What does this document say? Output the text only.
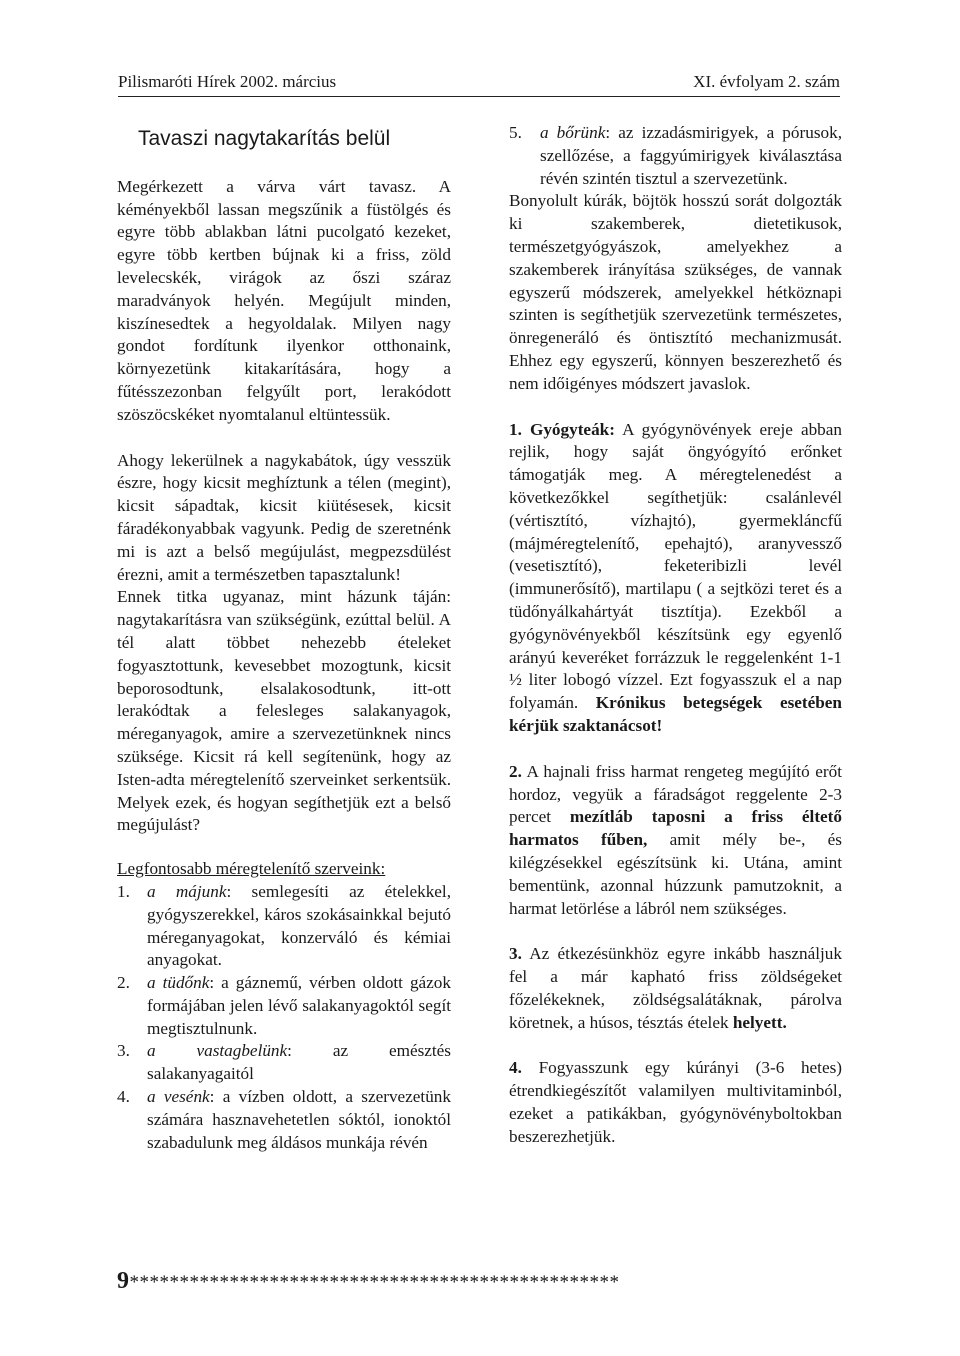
Pilismaróti Hírek 2002. március	XI. évfolyam 2. szám
Tavaszi nagytakarítás belül

Megérkezett a várva várt tavasz. A kéményekből lassan megszűnik a füstölgés és egyre több ablakban látni pucolgató kezeket, egyre több kertben bújnak ki a friss, zöld levelecskék, virágok az őszi száraz maradványok helyén. Megújult minden, kiszínesedtek a hegyoldalak. Milyen nagy gondot fordítunk ilyenkor otthonaink, környezetünk kitakarítására, hogy a fűtésszezonban felgyűlt port, lerakódott szöszöcskéket nyomtalanul eltüntessük.

Ahogy lekerülnek a nagykabátok, úgy vesszük észre, hogy kicsit meghíztunk a télen (megint), kicsit sápadtak, kicsit kiütésesek, kicsit fáradékonyabbak vagyunk. Pedig de szeretnénk mi is azt a belső megújulást, megpezsdülést érezni, amit a természetben tapasztalunk!

Ennek titka ugyanaz, mint házunk táján: nagytakarításra van szükségünk, ezúttal belül. A tél alatt többet nehezebb ételeket fogyasztottunk, kevesebbet mozogtunk, kicsit beporosodtunk, elsalakosodtunk, itt-ott lerakódtak a felesleges salakanyagok, méreganyagok, amire a szervezetünknek nincs szüksége. Kicsit rá kell segítenünk, hogy az Isten-adta méregtelenítő szerveinket serkentsük. Melyek ezek, és hogyan segíthetjük ezt a belső megújulást?

Legfontosabb méregtelenítő szerveink:

1. a májunk: semlegesíti az ételekkel, gyógyszerekkel, káros szokásainkkal bejutó méreganyagokat, konzerváló és kémiai anyagokat.
2. a tüdőnk: a gáznemű, vérben oldott gázok formájában jelen lévő salakanyagoktól segít megtisztulnunk.
3. a vastagbelünk: az emésztés salakanyagaitól
4. a vesénk: a vízben oldott, a szervezetünk számára hasznavehetetlen sóktól, ionoktól szabadulunk meg áldásos munkája révén
5. a bőrünk: az izzadásmirigyek, a pórusok, szellőzése, a faggyúmirigyek kiválasztása révén szintén tisztul a szervezetünk.

Bonyolult kúrák, böjtök hosszú sorát dolgozták ki szakemberek, dietetikusok, természetgyógyászok, amelyekhez a szakemberek irányítása szükséges, de vannak egyszerű módszerek, amelyekkel hétköznapi szinten is segíthetjük szervezetünk természetes, önregeneráló és öntisztító mechanizmusát. Ehhez egy egyszerű, könnyen beszerezhető és nem időigényes módszert javaslok.

1. Gyógyteák: A gyógynövények ereje abban rejlik, hogy saját öngyógyító erőnket támogatják meg. A méregtelenedést a következőkkel segíthetjük: csalánlevél (vértisztító, vízhajtó), gyermekláncfű (májméregtelenítő, epehajtó), aranyvessző (vesetisztító), feketeribizli levél (immunerősítő), martilapu ( a sejtközi teret és a tüdőnyálkahártyát tisztítja). Ezekből a gyógynövényekből készítsünk egy egyenlő arányú keveréket forrázzuk le reggelenként 1-1 ½ liter lobogó vízzel. Ezt fogyasszuk el a nap folyamán. Krónikus betegségek esetében kérjük szaktanácsot!

2. A hajnali friss harmat rengeteg megújító erőt hordoz, vegyük a fáradságot reggelente 2-3 percet mezítláb taposni a friss éltető harmatos fűben, amit mély be-, és kilégzésekkel egészítsünk ki. Utána, amint bementünk, azonnal húzzunk pamutzoknit, a harmat letörlése a lábról nem szükséges.

3. Az étkezésünkhöz egyre inkább használjuk fel a már kapható friss zöldségeket főzelékeknek, zöldségsalátáknak, párolva köretnek, a húsos, tésztás ételek helyett.

4. Fogyasszunk egy kúrányi (3-6 hetes) étrendkiegészítőt valamilyen multivitaminból, ezeket a patikákban, gyógynövényboltokban beszerezhetjük.

9*************************************************
